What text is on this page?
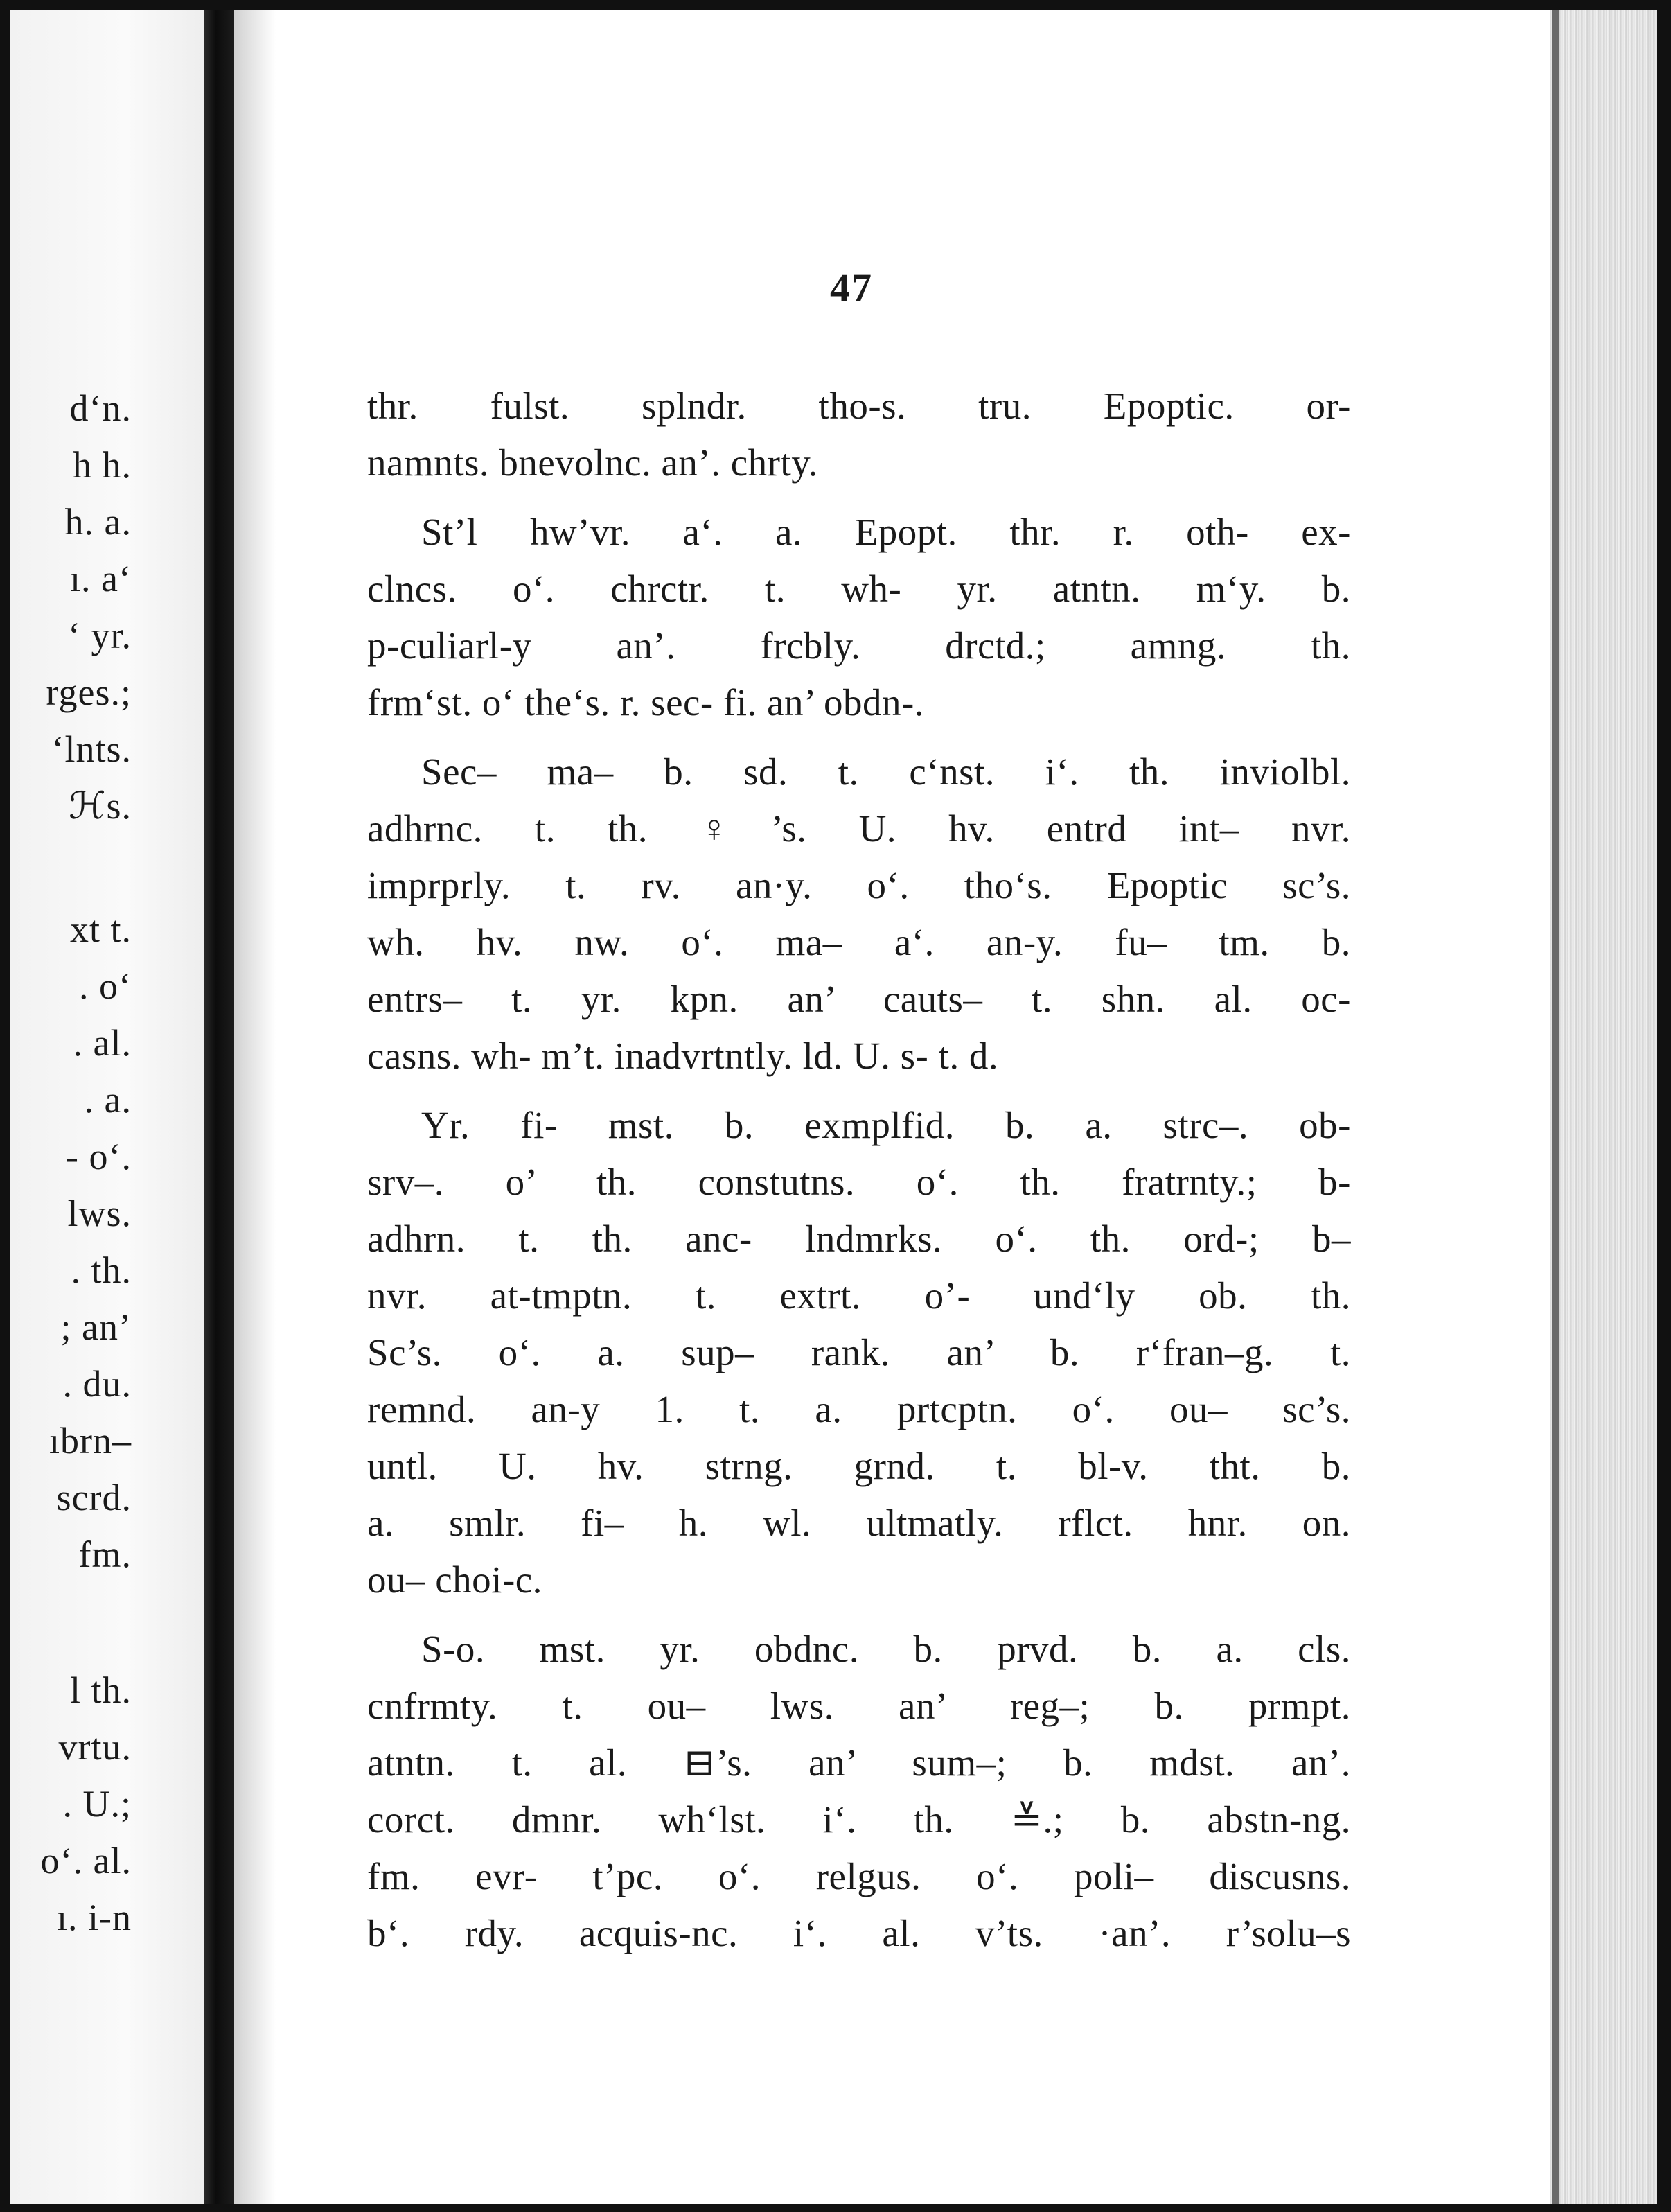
d‘n.
h h.
h. a.
ı. a‘
‘ yr.
rges.;
‘lnts.
ℋs.
xt t.
. o‘
. al.
. a.
- o‘.
lws.
. th.
; an’
. du.
ıbrn–
scrd.
fm.
l th.
vrtu.
. U.;
o‘. al.
ı. i-n
47
thr. fulst. splndr. tho-s. tru. Epoptic. or-
namnts. bnevolnc. an’. chrty.
St’l hw’vr. a‘. a. Epopt. thr. r. oth- ex-
clncs. o‘. chrctr. t. wh- yr. atntn. m‘y. b.
p-culiarl-y an’. frcbly. drctd.; amng. th.
frm‘st. o‘ the‘s. r. sec- fi. an’ obdn-.
Sec– ma– b. sd. t. c‘nst. i‘. th. inviolbl.
adhrnc. t. th. ♀’s. U. hv. entrd int– nvr.
imprprly. t. rv. an·y. o‘. tho‘s. Epoptic sc’s.
wh. hv. nw. o‘. ma– a‘. an-y. fu– tm. b.
entrs– t. yr. kpn. an’ cauts– t. shn. al. oc-
casns. wh- m’t. inadvrtntly. ld. U. s- t. d.
Yr. fi- mst. b. exmplfid. b. a. strc–. ob-
srv–. o’ th. constutns. o‘. th. fratrnty.; b-
adhrn. t. th. anc- lndmrks. o‘. th. ord-; b–
nvr. at-tmptn. t. extrt. o’- und‘ly ob. th.
Sc’s. o‘. a. sup– rank. an’ b. r‘fran–g. t.
remnd. an-y 1. t. a. prtcptn. o‘. ou– sc’s.
untl. U. hv. strng. grnd. t. bl-v. tht. b.
a. smlr. fi– h. wl. ultmatly. rflct. hnr. on.
ou– choi-c.
S-o. mst. yr. obdnc. b. prvd. b. a. cls.
cnfrmty. t. ou– lws. an’ reg–; b. prmpt.
atntn. t. al. ⊟’s. an’ sum–; b. mdst. an’.
corct. dmnr. wh‘lst. i‘. th. ≚.; b. abstn-ng.
fm. evr- t’pc. o‘. relgus. o‘. poli– discusns.
b‘. rdy. acquis-nc. i‘. al. v’ts. ·an’. r’solu–s
